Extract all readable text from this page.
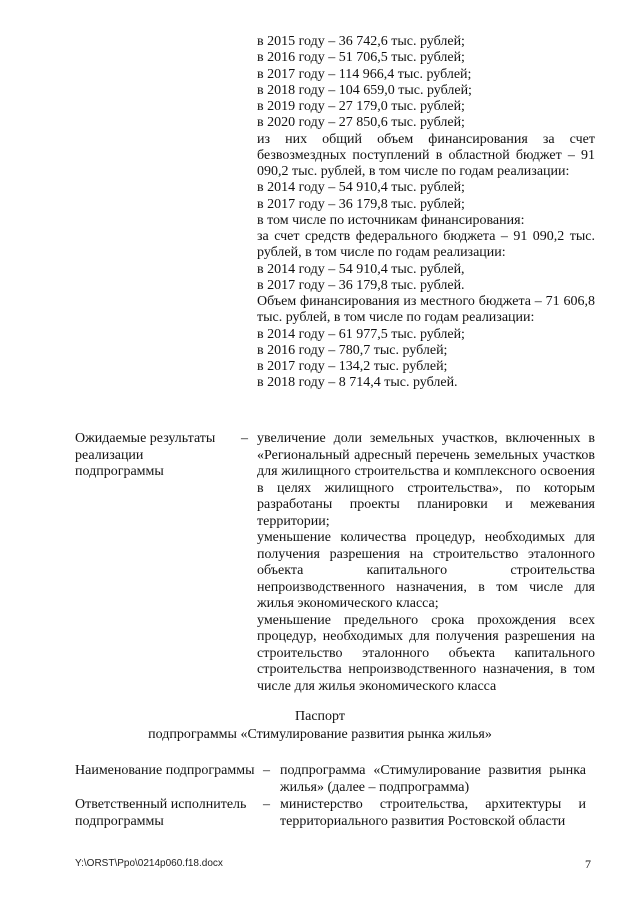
в 2015 году – 36 742,6 тыс. рублей;
в 2016 году – 51 706,5 тыс. рублей;
в 2017 году – 114 966,4 тыс. рублей;
в 2018 году – 104 659,0 тыс. рублей;
в 2019 году – 27 179,0 тыс. рублей;
в 2020 году – 27 850,6 тыс. рублей;
из них общий объем финансирования за счет безвозмездных поступлений в областной бюджет – 91 090,2 тыс. рублей, в том числе по годам реализации:
в 2014 году – 54 910,4 тыс. рублей;
в 2017 году – 36 179,8 тыс. рублей;
в том числе по источникам финансирования:
за счет средств федерального бюджета – 91 090,2 тыс. рублей, в том числе по годам реализации:
в 2014 году – 54 910,4 тыс. рублей,
в 2017 году – 36 179,8 тыс. рублей.
Объем финансирования из местного бюджета – 71 606,8 тыс. рублей, в том числе по годам реализации:
в 2014 году – 61 977,5 тыс. рублей;
в 2016 году – 780,7 тыс. рублей;
в 2017 году – 134,2 тыс. рублей;
в 2018 году – 8 714,4 тыс. рублей.
Ожидаемые результаты реализации подпрограммы
– увеличение доли земельных участков, включенных в «Региональный адресный перечень земельных участков для жилищного строительства и комплексного освоения в целях жилищного строительства», по которым разработаны проекты планировки и межевания территории;

уменьшение количества процедур, необходимых для получения разрешения на строительство эталонного объекта капитального строительства непроизводственного назначения, в том числе для жилья экономического класса;

уменьшение предельного срока прохождения всех процедур, необходимых для получения разрешения на строительство эталонного объекта капитального строительства непроизводственного назначения, в том числе для жилья экономического класса

Паспорт
подпрограммы «Стимулирование развития рынка жилья»
Наименование подпрограммы – подпрограмма «Стимулирование развития рынка жилья» (далее – подпрограмма)
Ответственный исполнитель подпрограммы
– министерство строительства, архитектуры и территориального развития Ростовской области
Y:\ORST\Ppo\0214p060.f18.docx	7
